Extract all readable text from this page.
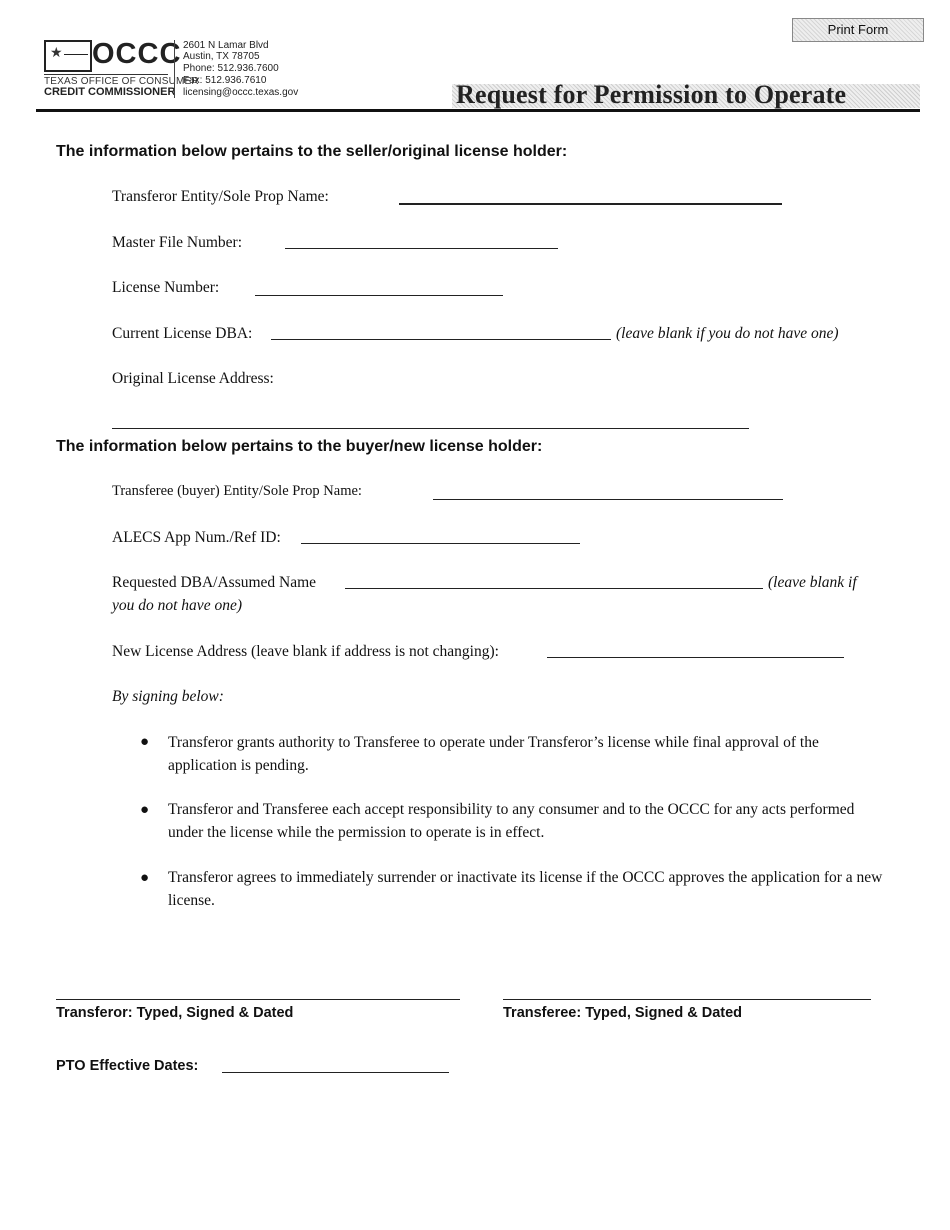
Print Form
★ OCCC
TEXAS OFFICE OF CONSUMER
CREDIT COMMISSIONER
2601 N Lamar Blvd
Austin, TX 78705
Phone: 512.936.7600
Fax: 512.936.7610
licensing@occc.texas.gov	Request for Permission to Operate
The information below pertains to the seller/original license holder:
Transferor Entity/Sole Prop Name:
Master File Number:
License Number:
Current License DBA:	(leave blank if you do not have one)
Original License Address:
The information below pertains to the buyer/new license holder:
Transferee (buyer) Entity/Sole Prop Name:
ALECS App Num./Ref ID:
Requested DBA/Assumed Name	(leave blank if
you do not have one)
New License Address (leave blank if address is not changing):
By signing below:
● Transferor grants authority to Transferee to operate under Transferor’s license while final approval of the application is pending.
● Transferor and Transferee each accept responsibility to any consumer and to the OCCC for any acts performed under the license while the permission to operate is in effect.
● Transferor agrees to immediately surrender or inactivate its license if the OCCC approves the application for a new license.
Transferor: Typed, Signed & Dated	Transferee: Typed, Signed & Dated
PTO Effective Dates:
